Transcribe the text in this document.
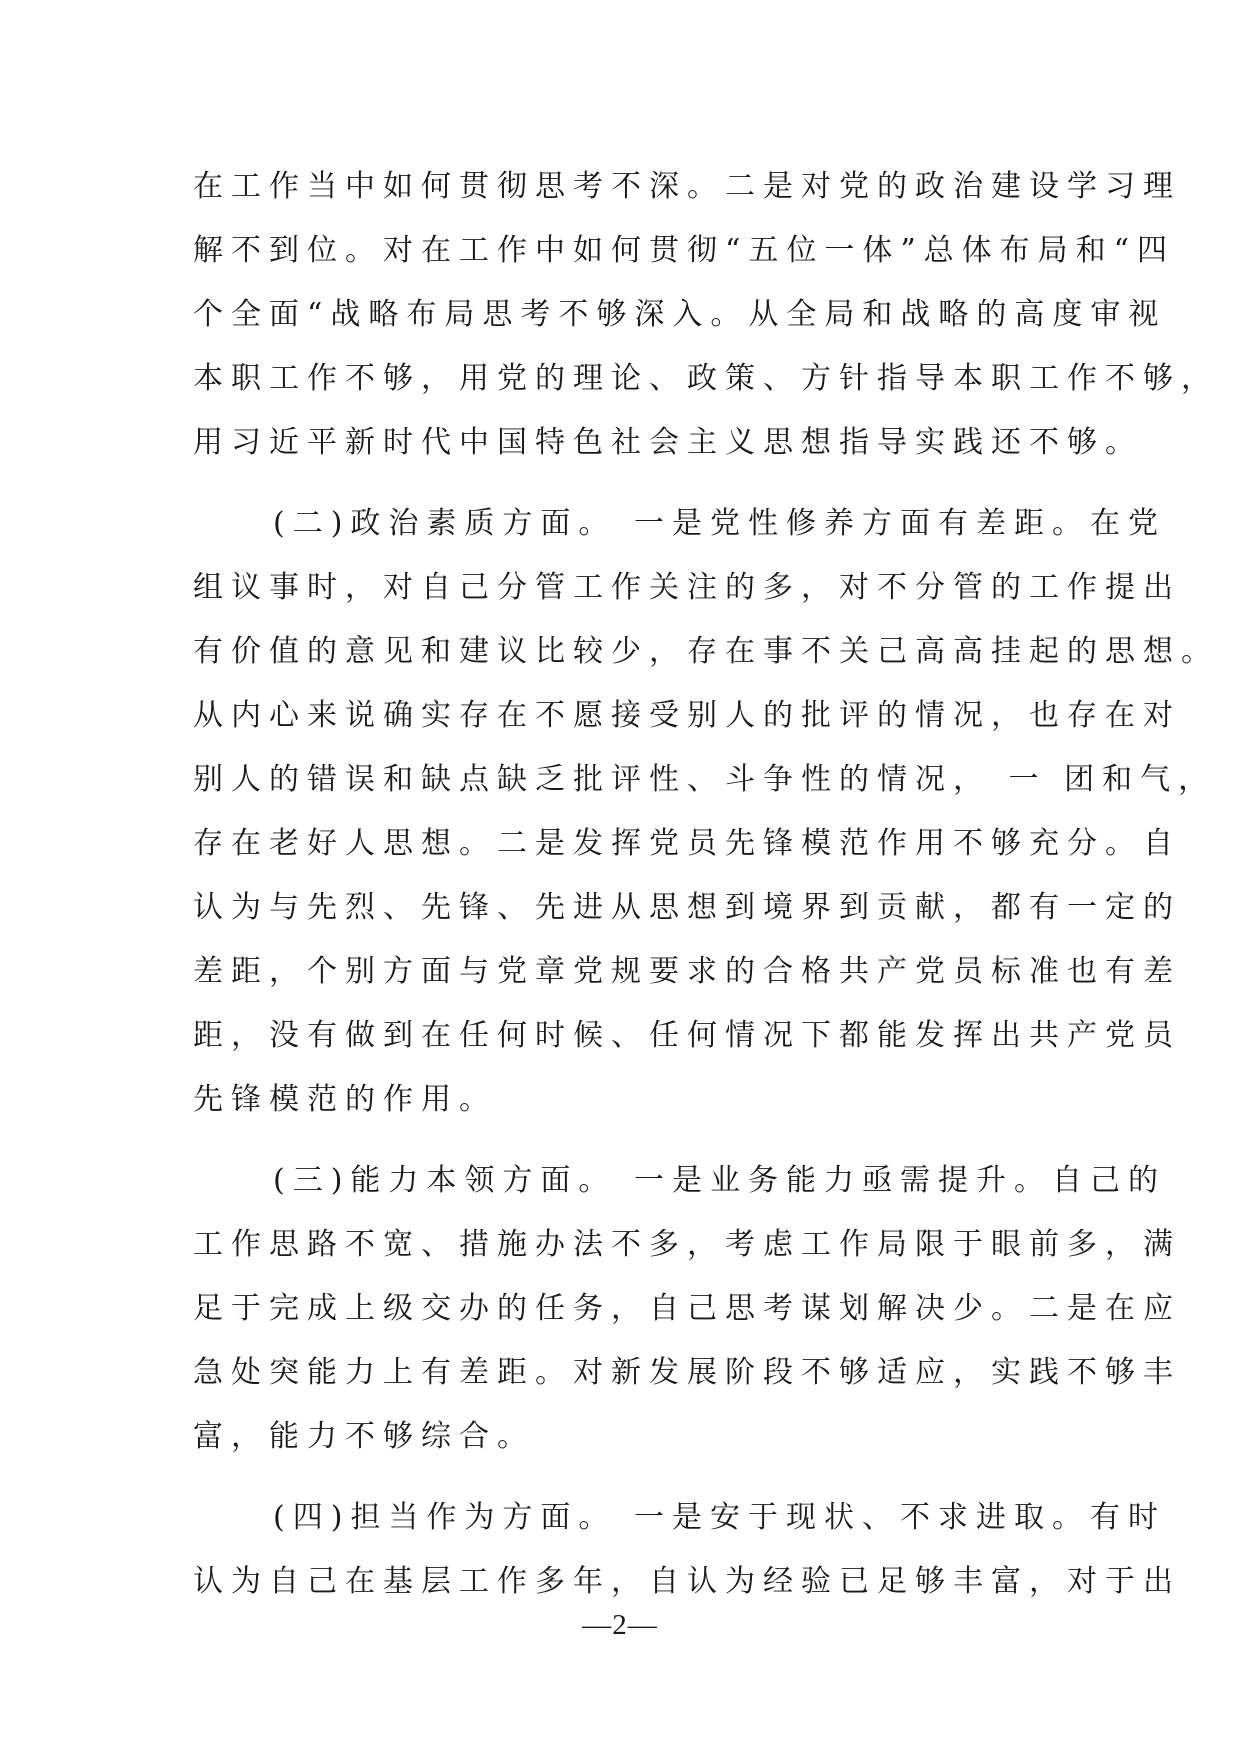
在工作当中如何贯彻思考不深。二是对党的政治建设学习理
解不到位。对在工作中如何贯彻“五位一体”总体布局和“四
个全面“战略布局思考不够深入。从全局和战略的高度审视
本职工作不够，用党的理论、政策、方针指导本职工作不够，
用习近平新时代中国特色社会主义思想指导实践还不够。
(二)政治素质方面。 一是党性修养方面有差距。在党
组议事时，对自己分管工作关注的多，对不分管的工作提出
有价值的意见和建议比较少，存在事不关己高高挂起的思想。
从内心来说确实存在不愿接受别人的批评的情况，也存在对
别人的错误和缺点缺乏批评性、斗争性的情况， 一 团和气，
存在老好人思想。二是发挥党员先锋模范作用不够充分。自
认为与先烈、先锋、先进从思想到境界到贡献，都有一定的
差距，个别方面与党章党规要求的合格共产党员标准也有差
距，没有做到在任何时候、任何情况下都能发挥出共产党员
先锋模范的作用。
(三)能力本领方面。 一是业务能力亟需提升。自己的
工作思路不宽、措施办法不多，考虑工作局限于眼前多，满
足于完成上级交办的任务，自己思考谋划解决少。二是在应
急处突能力上有差距。对新发展阶段不够适应，实践不够丰
富，能力不够综合。
(四)担当作为方面。 一是安于现状、不求进取。有时
认为自己在基层工作多年，自认为经验已足够丰富，对于出
—2—
